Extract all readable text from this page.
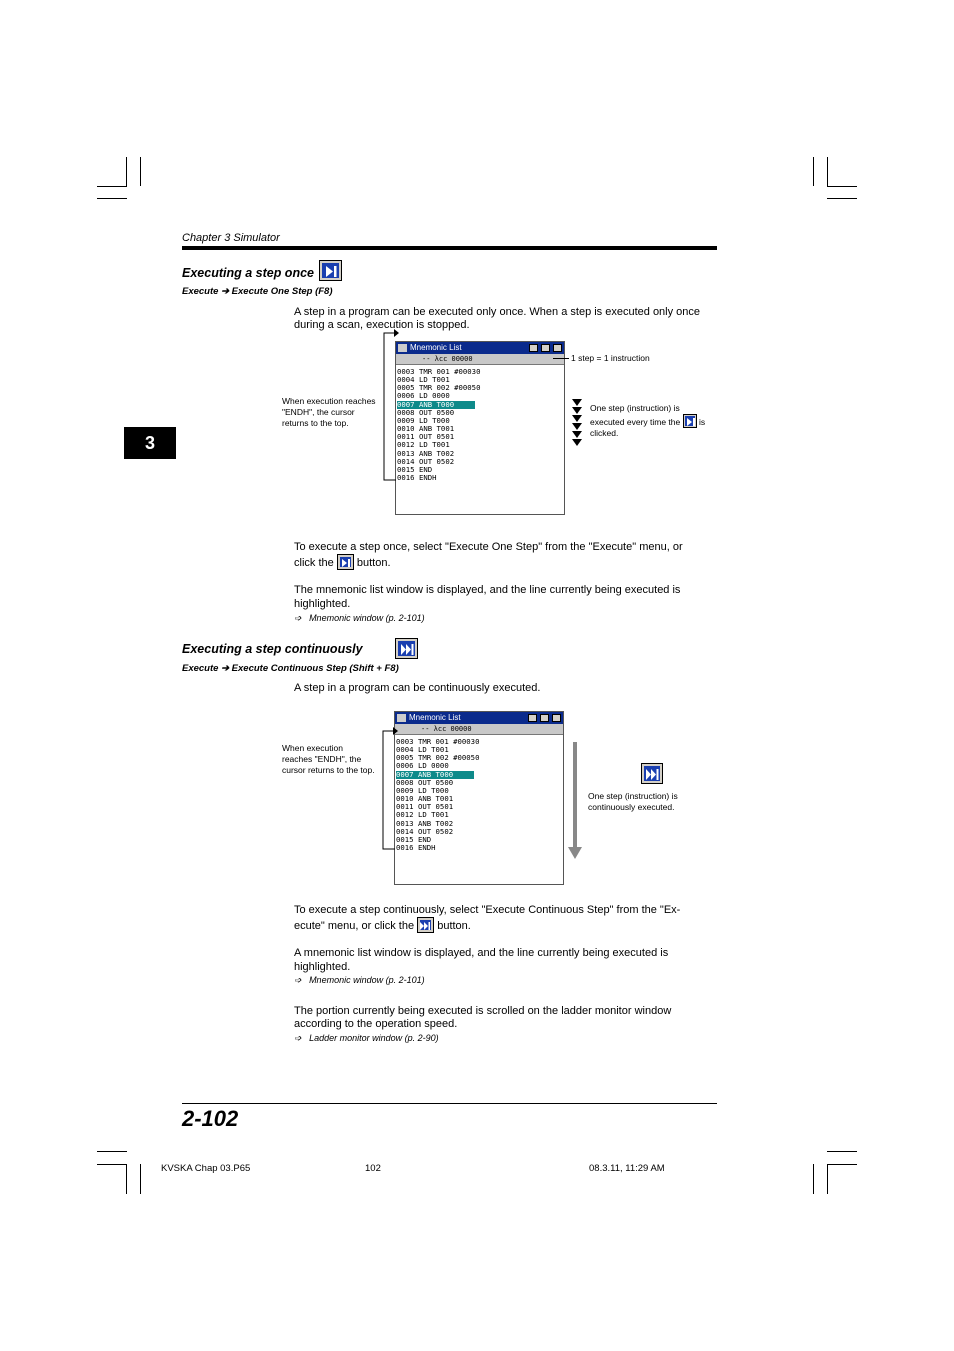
Chapter 3 Simulator
3
Executing a step once

Execute ➔ Execute One Step (F8)
A step in a program can be executed only once. When a step is executed only once
during a scan, execution is stopped.
Mnemonic List
-- λcc 00000
0003 TMR 001 #00030
0004 LD T001
0005 TMR 002 #00050
0006 LD 0000
0007 ANB T000
0008 OUT 0500
0009 LD T000
0010 ANB T001
0011 OUT 0501
0012 LD T001
0013 ANB T002
0014 OUT 0502
0015 END
0016 ENDH
When execution reaches
"ENDH", the cursor
returns to the top.
1 step = 1 instruction
One step (instruction) is
executed every time the is
clicked.
To execute a step once, select "Execute One Step" from the "Execute" menu, or
click the button.
The mnemonic list window is displayed, and the line currently being executed is
highlighted.
➩ Mnemonic window (p. 2-101)
Executing a step continuously

Execute ➔ Execute Continuous Step (Shift + F8)
A step in a program can be continuously executed.
Mnemonic List
-- λcc 00000
0003 TMR 001 #00030
0004 LD T001
0005 TMR 002 #00050
0006 LD 0000
0007 ANB T000
0008 OUT 0500
0009 LD T000
0010 ANB T001
0011 OUT 0501
0012 LD T001
0013 ANB T002
0014 OUT 0502
0015 END
0016 ENDH
When execution
reaches "ENDH", the
cursor returns to the top.
One step (instruction) is
continuously executed.
To execute a step continuously, select "Execute Continuous Step" from the "Ex-
ecute" menu, or click the button.
A mnemonic list window is displayed, and the line currently being executed is
highlighted.
➩ Mnemonic window (p. 2-101)
The portion currently being executed is scrolled on the ladder monitor window
according to the operation speed.
➩ Ladder monitor window (p. 2-90)
2-102
KVSKA Chap 03.P65	102	08.3.11, 11:29 AM
